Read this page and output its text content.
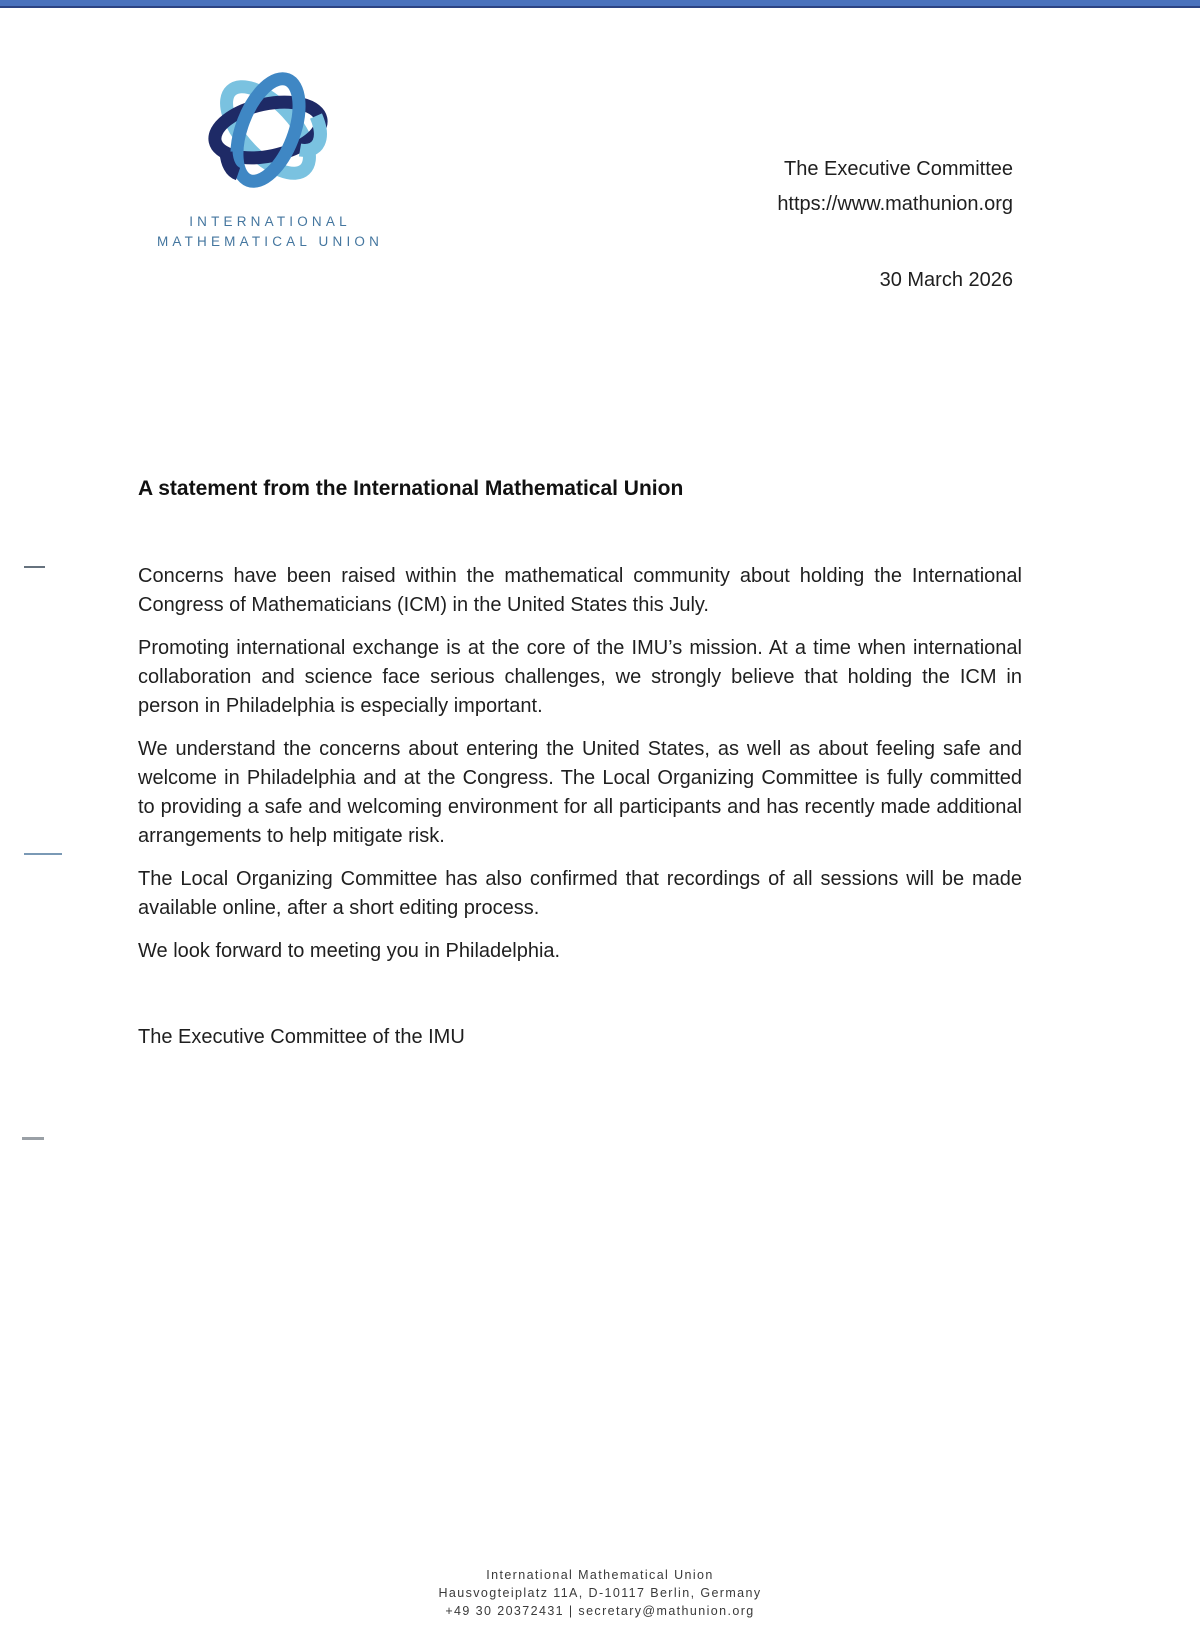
INTERNATIONAL
MATHEMATICAL UNION
The Executive Committee
https://www.mathunion.org
30 March 2026
A statement from the International Mathematical Union

Concerns have been raised within the mathematical community about holding the International Congress of Mathematicians (ICM) in the United States this July.

Promoting international exchange is at the core of the IMU’s mission. At a time when international collaboration and science face serious challenges, we strongly believe that holding the ICM in person in Philadelphia is especially important.

We understand the concerns about entering the United States, as well as about feeling safe and welcome in Philadelphia and at the Congress. The Local Organizing Committee is fully committed to providing a safe and welcoming environment for all participants and has recently made additional arrangements to help mitigate risk.

The Local Organizing Committee has also confirmed that recordings of all sessions will be made available online, after a short editing process.

We look forward to meeting you in Philadelphia.

The Executive Committee of the IMU

International Mathematical Union
Hausvogteiplatz 11A, D-10117 Berlin, Germany
+49 30 20372431 | secretary@mathunion.org
